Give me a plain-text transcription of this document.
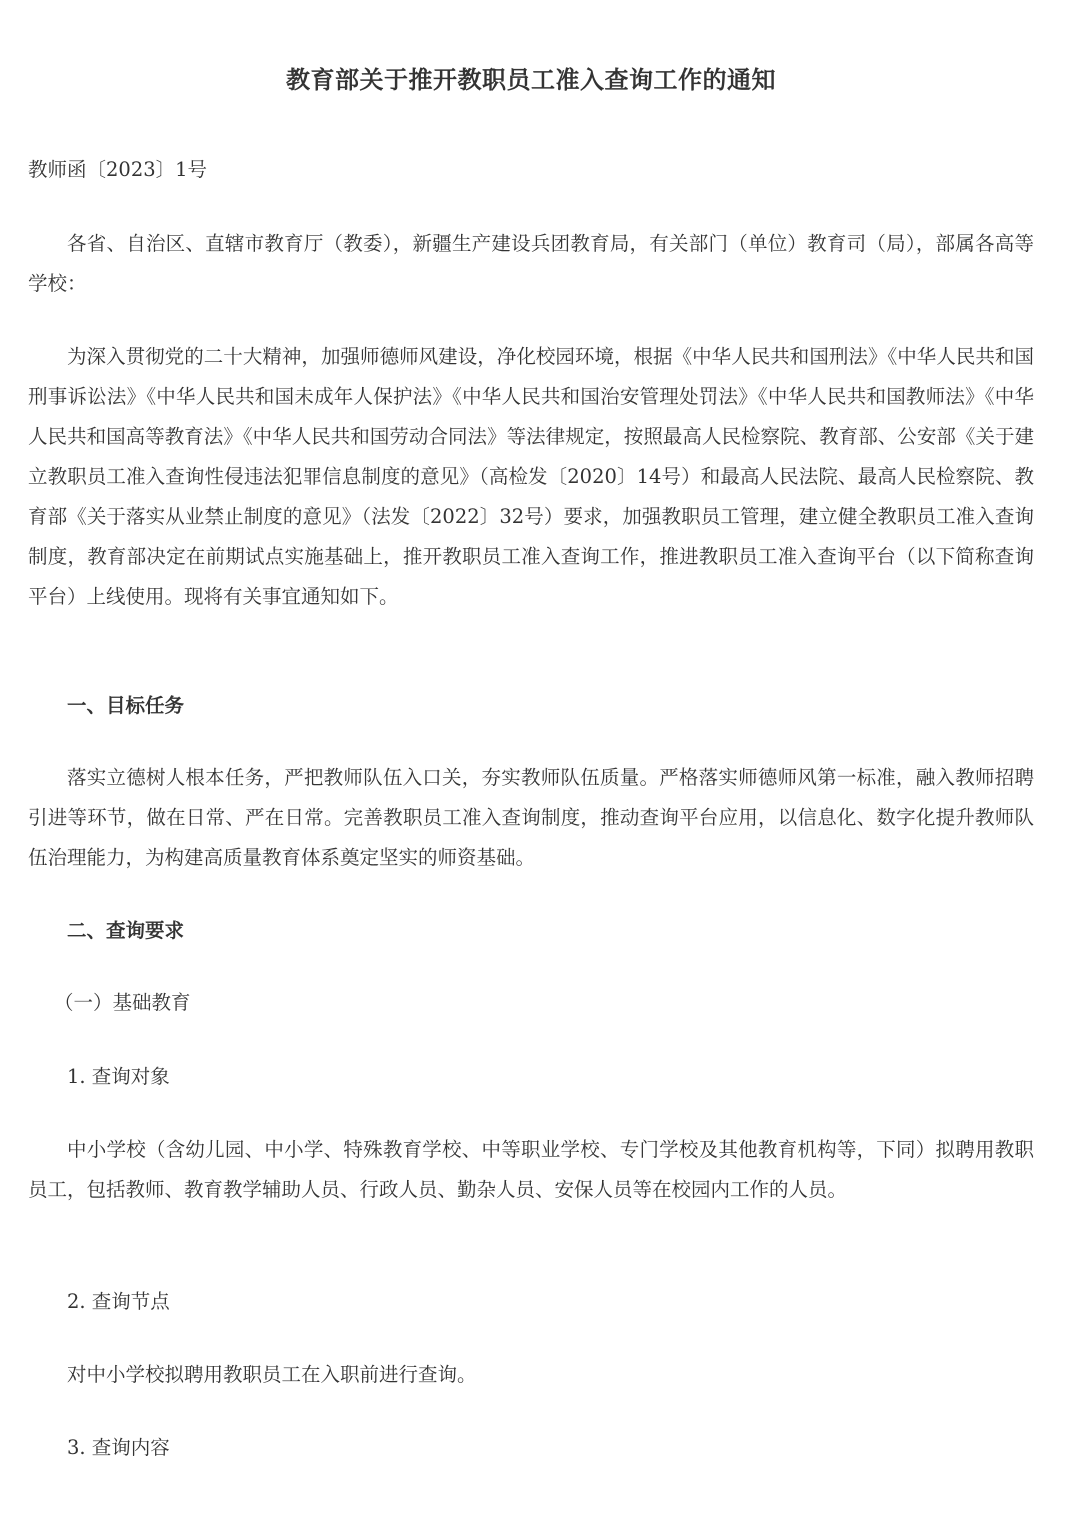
教育部关于推开教职员工准入查询工作的通知
教师函〔2023〕1号
各省、自治区、直辖市教育厅（教委），新疆生产建设兵团教育局，有关部门（单位）教育司（局），部属各高等学校：
为深入贯彻党的二十大精神，加强师德师风建设，净化校园环境，根据《中华人民共和国刑法》《中华人民共和国刑事诉讼法》《中华人民共和国未成年人保护法》《中华人民共和国治安管理处罚法》《中华人民共和国教师法》《中华人民共和国高等教育法》《中华人民共和国劳动合同法》等法律规定，按照最高人民检察院、教育部、公安部《关于建立教职员工准入查询性侵违法犯罪信息制度的意见》（高检发〔2020〕14号）和最高人民法院、最高人民检察院、教育部《关于落实从业禁止制度的意见》（法发〔2022〕32号）要求，加强教职员工管理，建立健全教职员工准入查询制度，教育部决定在前期试点实施基础上，推开教职员工准入查询工作，推进教职员工准入查询平台（以下简称查询平台）上线使用。现将有关事宜通知如下。
一、目标任务
落实立德树人根本任务，严把教师队伍入口关，夯实教师队伍质量。严格落实师德师风第一标准，融入教师招聘引进等环节，做在日常、严在日常。完善教职员工准入查询制度，推动查询平台应用，以信息化、数字化提升教师队伍治理能力，为构建高质量教育体系奠定坚实的师资基础。
二、查询要求
（一）基础教育
1. 查询对象
中小学校（含幼儿园、中小学、特殊教育学校、中等职业学校、专门学校及其他教育机构等，下同）拟聘用教职员工，包括教师、教育教学辅助人员、行政人员、勤杂人员、安保人员等在校园内工作的人员。
2. 查询节点
对中小学校拟聘用教职员工在入职前进行查询。
3. 查询内容
